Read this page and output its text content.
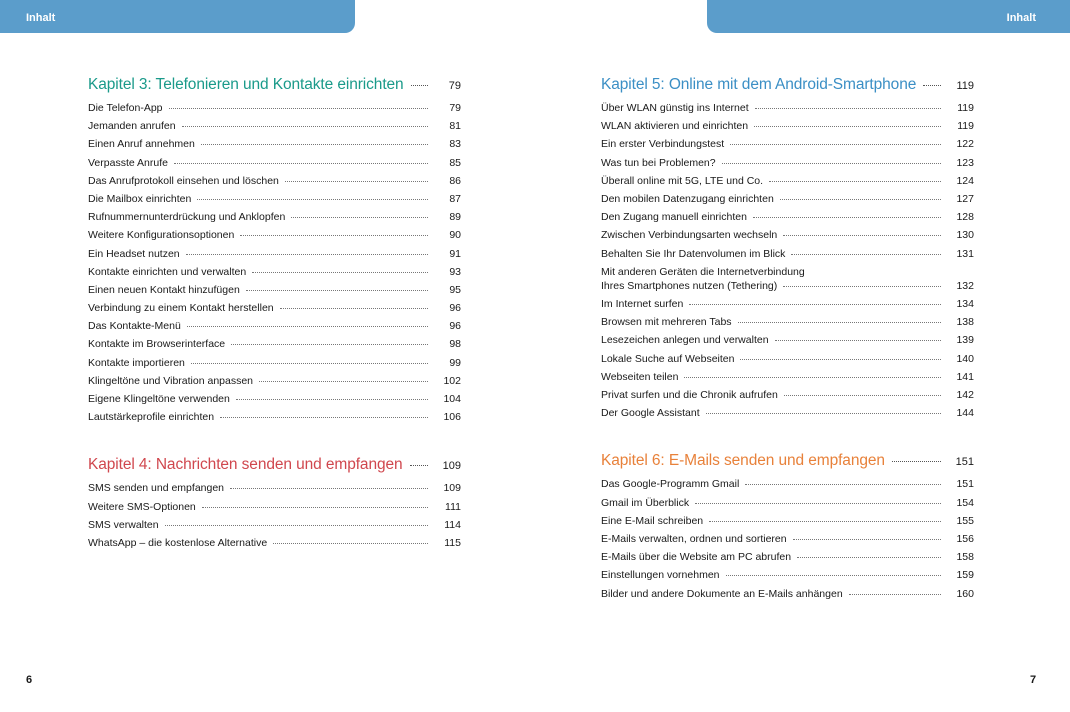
Inhalt	Inhalt
Kapitel 3: Telefonieren und Kontakte einrichten	79
Die Telefon-App	79
Jemanden anrufen	81
Einen Anruf annehmen	83
Verpasste Anrufe	85
Das Anrufprotokoll einsehen und löschen	86
Die Mailbox einrichten	87
Rufnummernunterdrückung und Anklopfen	89
Weitere Konfigurationsoptionen	90
Ein Headset nutzen	91
Kontakte einrichten und verwalten	93
Einen neuen Kontakt hinzufügen	95
Verbindung zu einem Kontakt herstellen	96
Das Kontakte-Menü	96
Kontakte im Browserinterface	98
Kontakte importieren	99
Klingeltöne und Vibration anpassen	102
Eigene Klingeltöne verwenden	104
Lautstärkeprofile einrichten	106
Kapitel 4: Nachrichten senden und empfangen	109
SMS senden und empfangen	109
Weitere SMS-Optionen	111
SMS verwalten	114
WhatsApp – die kostenlose Alternative	115
Kapitel 5: Online mit dem Android-Smartphone	119
Über WLAN günstig ins Internet	119
WLAN aktivieren und einrichten	119
Ein erster Verbindungstest	122
Was tun bei Problemen?	123
Überall online mit 5G, LTE und Co.	124
Den mobilen Datenzugang einrichten	127
Den Zugang manuell einrichten	128
Zwischen Verbindungsarten wechseln	130
Behalten Sie Ihr Datenvolumen im Blick	131
Mit anderen Geräten die Internetverbindung
Ihres Smartphones nutzen (Tethering)	132
Im Internet surfen	134
Browsen mit mehreren Tabs	138
Lesezeichen anlegen und verwalten	139
Lokale Suche auf Webseiten	140
Webseiten teilen	141
Privat surfen und die Chronik aufrufen	142
Der Google Assistant	144
Kapitel 6: E-Mails senden und empfangen	151
Das Google-Programm Gmail	151
Gmail im Überblick	154
Eine E-Mail schreiben	155
E-Mails verwalten, ordnen und sortieren	156
E-Mails über die Website am PC abrufen	158
Einstellungen vornehmen	159
Bilder und andere Dokumente an E-Mails anhängen	160
6	7
